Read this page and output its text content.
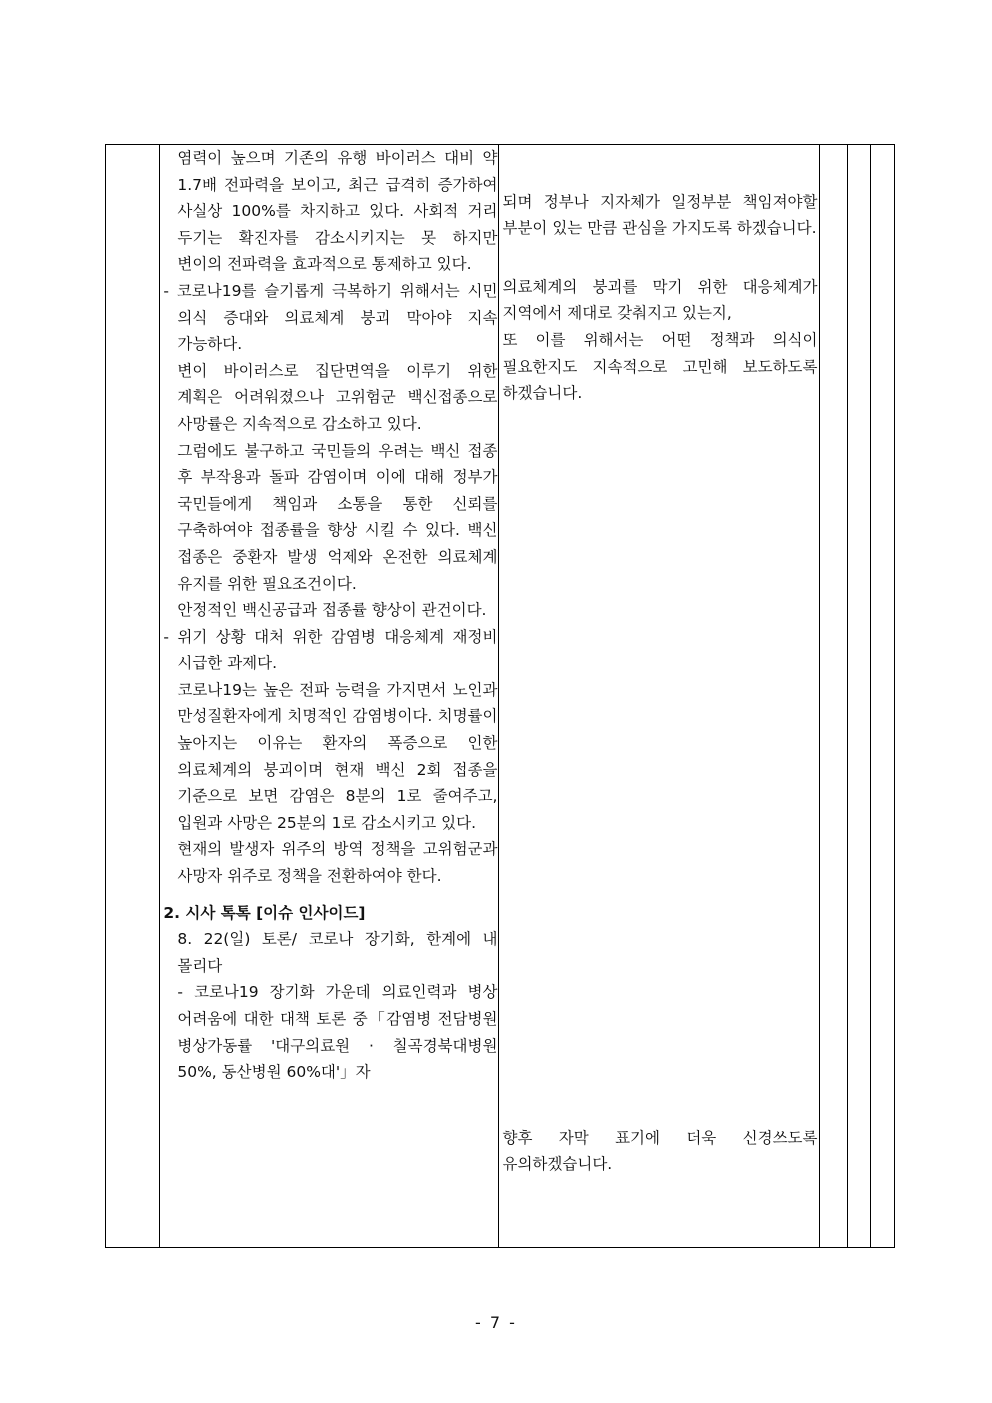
염력이 높으며 기존의 유행 바이러스 대비 약 1.7배 전파력을 보이고, 최근 급격히 증가하여 사실상 100%를 차지하고 있다. 사회적 거리 두기는 확진자를 감소시키지는 못 하지만 변이의 전파력을 효과적으로 통제하고 있다.
- 코로나19를 슬기롭게 극복하기 위해서는 시민 의식 증대와 의료체계 붕괴 막아야 지속 가능하다.
변이 바이러스로 집단면역을 이루기 위한 계획은 어려워졌으나 고위험군 백신접종으로 사망률은 지속적으로 감소하고 있다.
그럼에도 불구하고 국민들의 우려는 백신 접종 후 부작용과 돌파 감염이며 이에 대해 정부가 국민들에게 책임과 소통을 통한 신뢰를 구축하여야 접종률을 향상 시킬 수 있다. 백신 접종은 중환자 발생 억제와 온전한 의료체계 유지를 위한 필요조건이다.
안정적인 백신공급과 접종률 향상이 관건이다.
- 위기 상황 대처 위한 감염병 대응체계 재정비 시급한 과제다.
코로나19는 높은 전파 능력을 가지면서 노인과 만성질환자에게 치명적인 감염병이다. 치명률이 높아지는 이유는 환자의 폭증으로 인한 의료체계의 붕괴이며 현재 백신 2회 접종을 기준으로 보면 감염은 8분의 1로 줄여주고, 입원과 사망은 25분의 1로 감소시키고 있다.
현재의 발생자 위주의 방역 정책을 고위험군과 사망자 위주로 정책을 전환하여야 한다.
2. 시사 톡톡 [이슈 인사이드]
8. 22(일) 토론/ 코로나 장기화, 한계에 내 몰리다
- 코로나19 장기화 가운데 의료인력과 병상 어려움에 대한 대책 토론 중「감염병 전담병원 병상가동률 '대구의료원 · 칠곡경북대병원 50%, 동산병원 60%대'」자

되며 정부나 지자체가 일정부분 책임져야할 부분이 있는 만큼 관심을 가지도록 하겠습니다.
의료체계의 붕괴를 막기 위한 대응체계가 지역에서 제대로 갖춰지고 있는지,
또 이를 위해서는 어떤 정책과 의식이 필요한지도 지속적으로 고민해 보도하도록 하겠습니다.
향후 자막 표기에 더욱 신경쓰도록 유의하겠습니다.

- 7 -
